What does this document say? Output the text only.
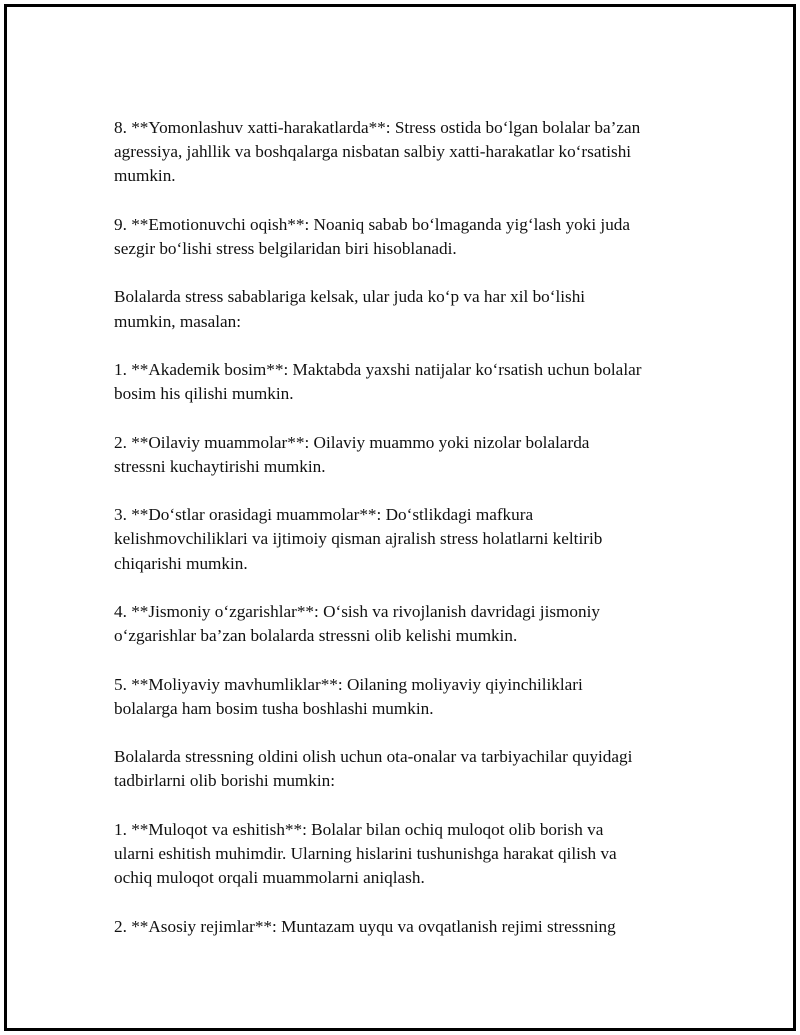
8. **Yomonlashuv xatti-harakatlarda**: Stress ostida bo‘lgan bolalar ba’zan
agressiya, jahllik va boshqalarga nisbatan salbiy xatti-harakatlar ko‘rsatishi
mumkin.

9. **Emotionuvchi oqish**: Noaniq sabab bo‘lmaganda yig‘lash yoki juda
sezgir bo‘lishi stress belgilaridan biri hisoblanadi.

Bolalarda stress sabablariga kelsak, ular juda ko‘p va har xil bo‘lishi
mumkin, masalan:

1. **Akademik bosim**: Maktabda yaxshi natijalar ko‘rsatish uchun bolalar
bosim his qilishi mumkin.

2. **Oilaviy muammolar**: Oilaviy muammo yoki nizolar bolalarda
stressni kuchaytirishi mumkin.

3. **Do‘stlar orasidagi muammolar**: Do‘stlikdagi mafkura
kelishmovchiliklari va ijtimoiy qisman ajralish stress holatlarni keltirib
chiqarishi mumkin.

4. **Jismoniy o‘zgarishlar**: O‘sish va rivojlanish davridagi jismoniy
o‘zgarishlar ba’zan bolalarda stressni olib kelishi mumkin.

5. **Moliyaviy mavhumliklar**: Oilaning moliyaviy qiyinchiliklari
bolalarga ham bosim tusha boshlashi mumkin.

Bolalarda stressning oldini olish uchun ota-onalar va tarbiyachilar quyidagi
tadbirlarni olib borishi mumkin:

1. **Muloqot va eshitish**: Bolalar bilan ochiq muloqot olib borish va
ularni eshitish muhimdir. Ularning hislarini tushunishga harakat qilish va
ochiq muloqot orqali muammolarni aniqlash.

2. **Asosiy rejimlar**: Muntazam uyqu va ovqatlanish rejimi stressning
